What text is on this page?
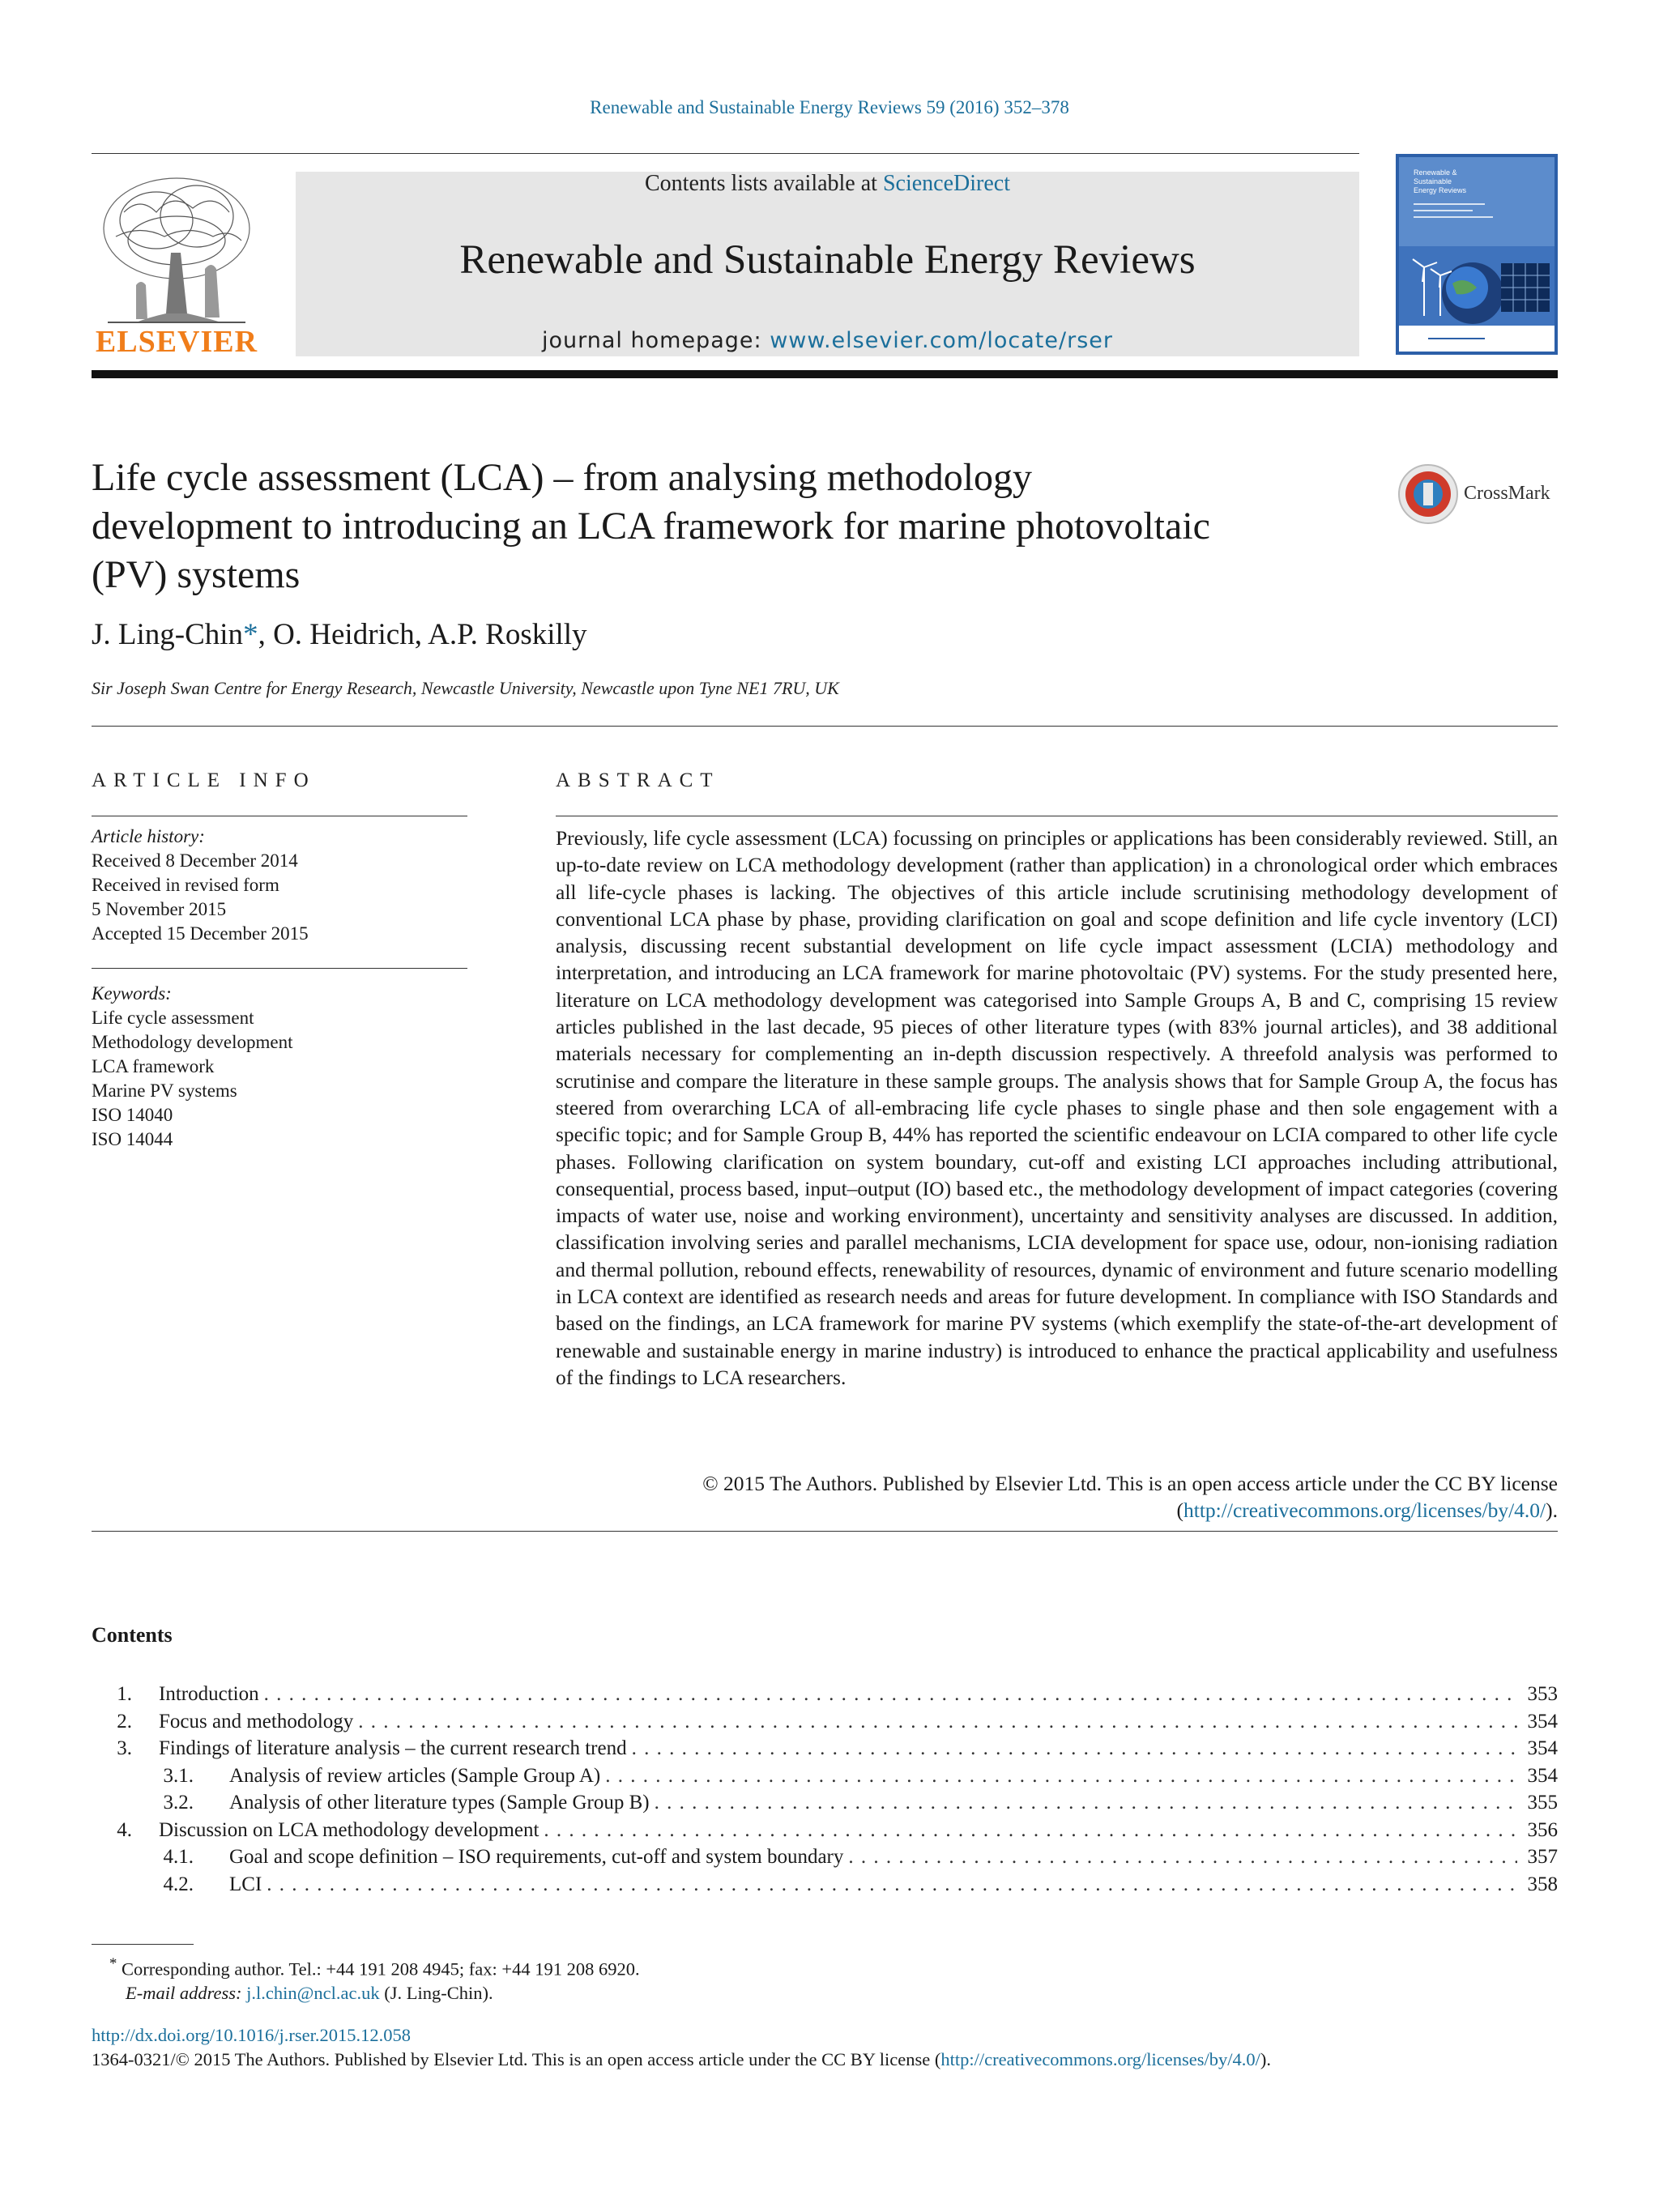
Renewable and Sustainable Energy Reviews 59 (2016) 352–378
ELSEVIER
Contents lists available at ScienceDirect
Renewable and Sustainable Energy Reviews
journal homepage: www.elsevier.com/locate/rser
Renewable &
Sustainable
Energy Reviews
Life cycle assessment (LCA) – from analysing methodology development to introducing an LCA framework for marine photovoltaic (PV) systems
CrossMark
J. Ling-Chin*, O. Heidrich, A.P. Roskilly
Sir Joseph Swan Centre for Energy Research, Newcastle University, Newcastle upon Tyne NE1 7RU, UK
ARTICLE INFO
Article history:
Received 8 December 2014
Received in revised form
5 November 2015
Accepted 15 December 2015
Keywords:
Life cycle assessment
Methodology development
LCA framework
Marine PV systems
ISO 14040
ISO 14044
ABSTRACT
Previously, life cycle assessment (LCA) focussing on principles or applications has been considerably reviewed. Still, an up-to-date review on LCA methodology development (rather than application) in a chronological order which embraces all life-cycle phases is lacking. The objectives of this article include scrutinising methodology development of conventional LCA phase by phase, providing clarification on goal and scope definition and life cycle inventory (LCI) analysis, discussing recent substantial development on life cycle impact assessment (LCIA) methodology and interpretation, and introducing an LCA framework for marine photovoltaic (PV) systems. For the study presented here, literature on LCA methodology development was categorised into Sample Groups A, B and C, comprising 15 review articles published in the last decade, 95 pieces of other literature types (with 83% journal articles), and 38 additional materials necessary for complementing an in-depth discussion respectively. A threefold analysis was performed to scrutinise and compare the literature in these sample groups. The analysis shows that for Sample Group A, the focus has steered from overarching LCA of all-embracing life cycle phases to single phase and then sole engagement with a specific topic; and for Sample Group B, 44% has reported the scientific endeavour on LCIA compared to other life cycle phases. Following clarification on system boundary, cut-off and existing LCI approaches including attributional, consequential, process based, input–output (IO) based etc., the methodology development of impact categories (covering impacts of water use, noise and working environment), uncertainty and sensitivity analyses are discussed. In addition, classification involving series and parallel mechanisms, LCIA development for space use, odour, non-ionising radiation and thermal pollution, rebound effects, renewability of resources, dynamic of environment and future scenario modelling in LCA context are identified as research needs and areas for future development. In compliance with ISO Standards and based on the findings, an LCA framework for marine PV systems (which exemplify the state-of-the-art development of renewable and sustainable energy in marine industry) is introduced to enhance the practical applicability and usefulness of the findings to LCA researchers.
© 2015 The Authors. Published by Elsevier Ltd. This is an open access article under the CC BY license
(http://creativecommons.org/licenses/by/4.0/).
Contents
1. Introduction . . .	353
2. Focus and methodology . . .	354
3. Findings of literature analysis – the current research trend . . .	354
3.1. Analysis of review articles (Sample Group A) . . .	354
3.2. Analysis of other literature types (Sample Group B) . . .	355
4. Discussion on LCA methodology development . . .	356
4.1. Goal and scope definition – ISO requirements, cut-off and system boundary . . .	357
4.2. LCI . . .	358
* Corresponding author. Tel.: +44 191 208 4945; fax: +44 191 208 6920.
E-mail address: j.l.chin@ncl.ac.uk (J. Ling-Chin).
http://dx.doi.org/10.1016/j.rser.2015.12.058
1364-0321/© 2015 The Authors. Published by Elsevier Ltd. This is an open access article under the CC BY license (http://creativecommons.org/licenses/by/4.0/).
